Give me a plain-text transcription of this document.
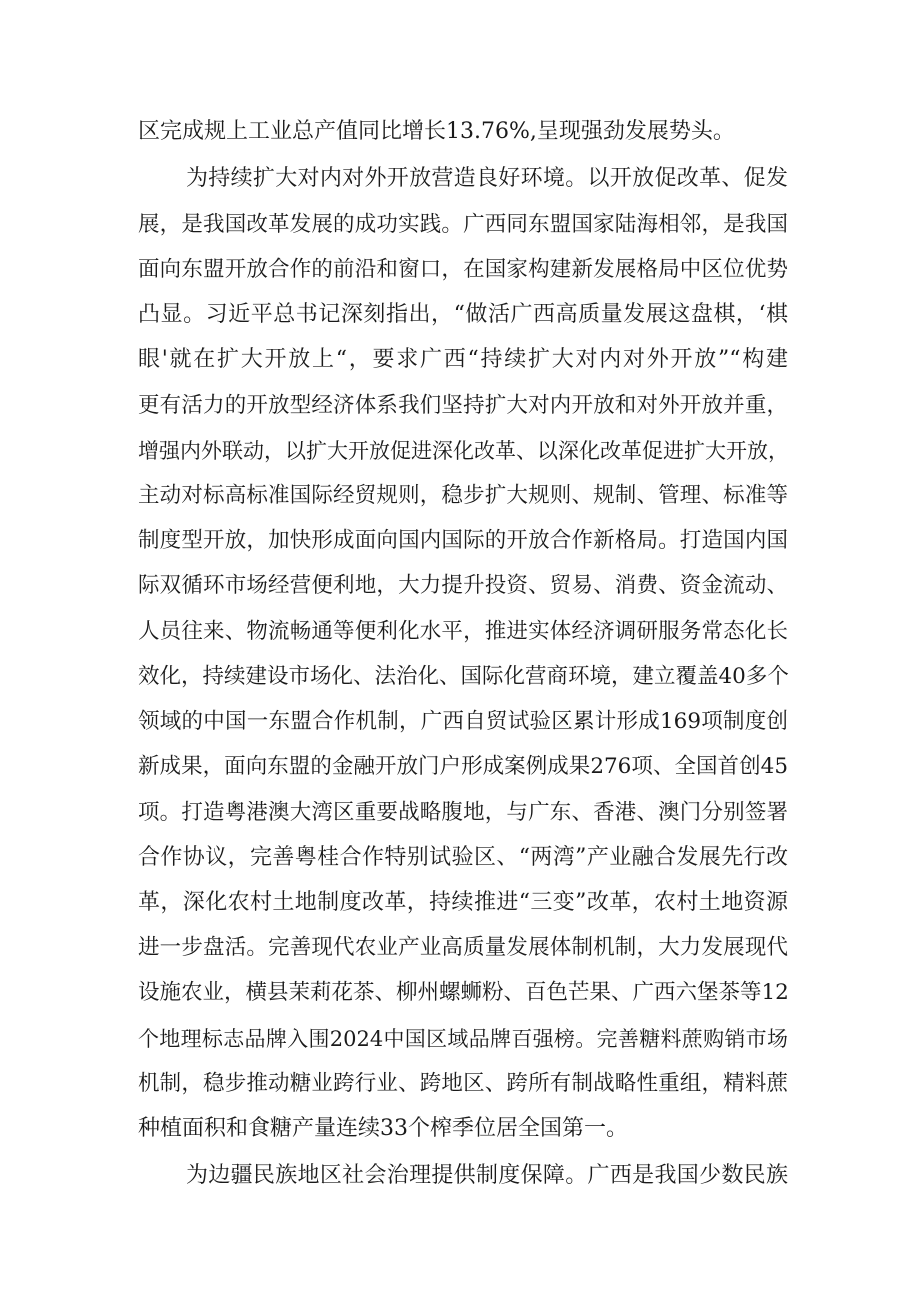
区完成规上工业总产值同比增长13.76%,呈现强劲发展势头。
为持续扩大对内对外开放营造良好环境。以开放促改革、促发
展，是我国改革发展的成功实践。广西同东盟国家陆海相邻，是我国
面向东盟开放合作的前沿和窗口，在国家构建新发展格局中区位优势
凸显。习近平总书记深刻指出，“做活广西高质量发展这盘棋，‘棋
眼'就在扩大开放上“，要求广西“持续扩大对内对外开放”“构建
更有活力的开放型经济体系我们坚持扩大对内开放和对外开放并重，
增强内外联动，以扩大开放促进深化改革、以深化改革促进扩大开放，
主动对标高标准国际经贸规则，稳步扩大规则、规制、管理、标准等
制度型开放，加快形成面向国内国际的开放合作新格局。打造国内国
际双循环市场经营便利地，大力提升投资、贸易、消费、资金流动、
人员往来、物流畅通等便利化水平，推进实体经济调研服务常态化长
效化，持续建设市场化、法治化、国际化营商环境，建立覆盖40多个
领域的中国一东盟合作机制，广西自贸试验区累计形成169项制度创
新成果，面向东盟的金融开放门户形成案例成果276项、全国首创45
项。打造粤港澳大湾区重要战略腹地，与广东、香港、澳门分别签署
合作协议，完善粤桂合作特别试验区、“两湾”产业融合发展先行改
革，深化农村土地制度改革，持续推进“三变”改革，农村土地资源
进一步盘活。完善现代农业产业高质量发展体制机制，大力发展现代
设施农业，横县茉莉花茶、柳州螺蛳粉、百色芒果、广西六堡茶等12
个地理标志品牌入围2024中国区域品牌百强榜。完善糖料蔗购销市场
机制，稳步推动糖业跨行业、跨地区、跨所有制战略性重组，精料蔗
种植面积和食糖产量连续33个榨季位居全国第一。
为边疆民族地区社会治理提供制度保障。广西是我国少数民族
